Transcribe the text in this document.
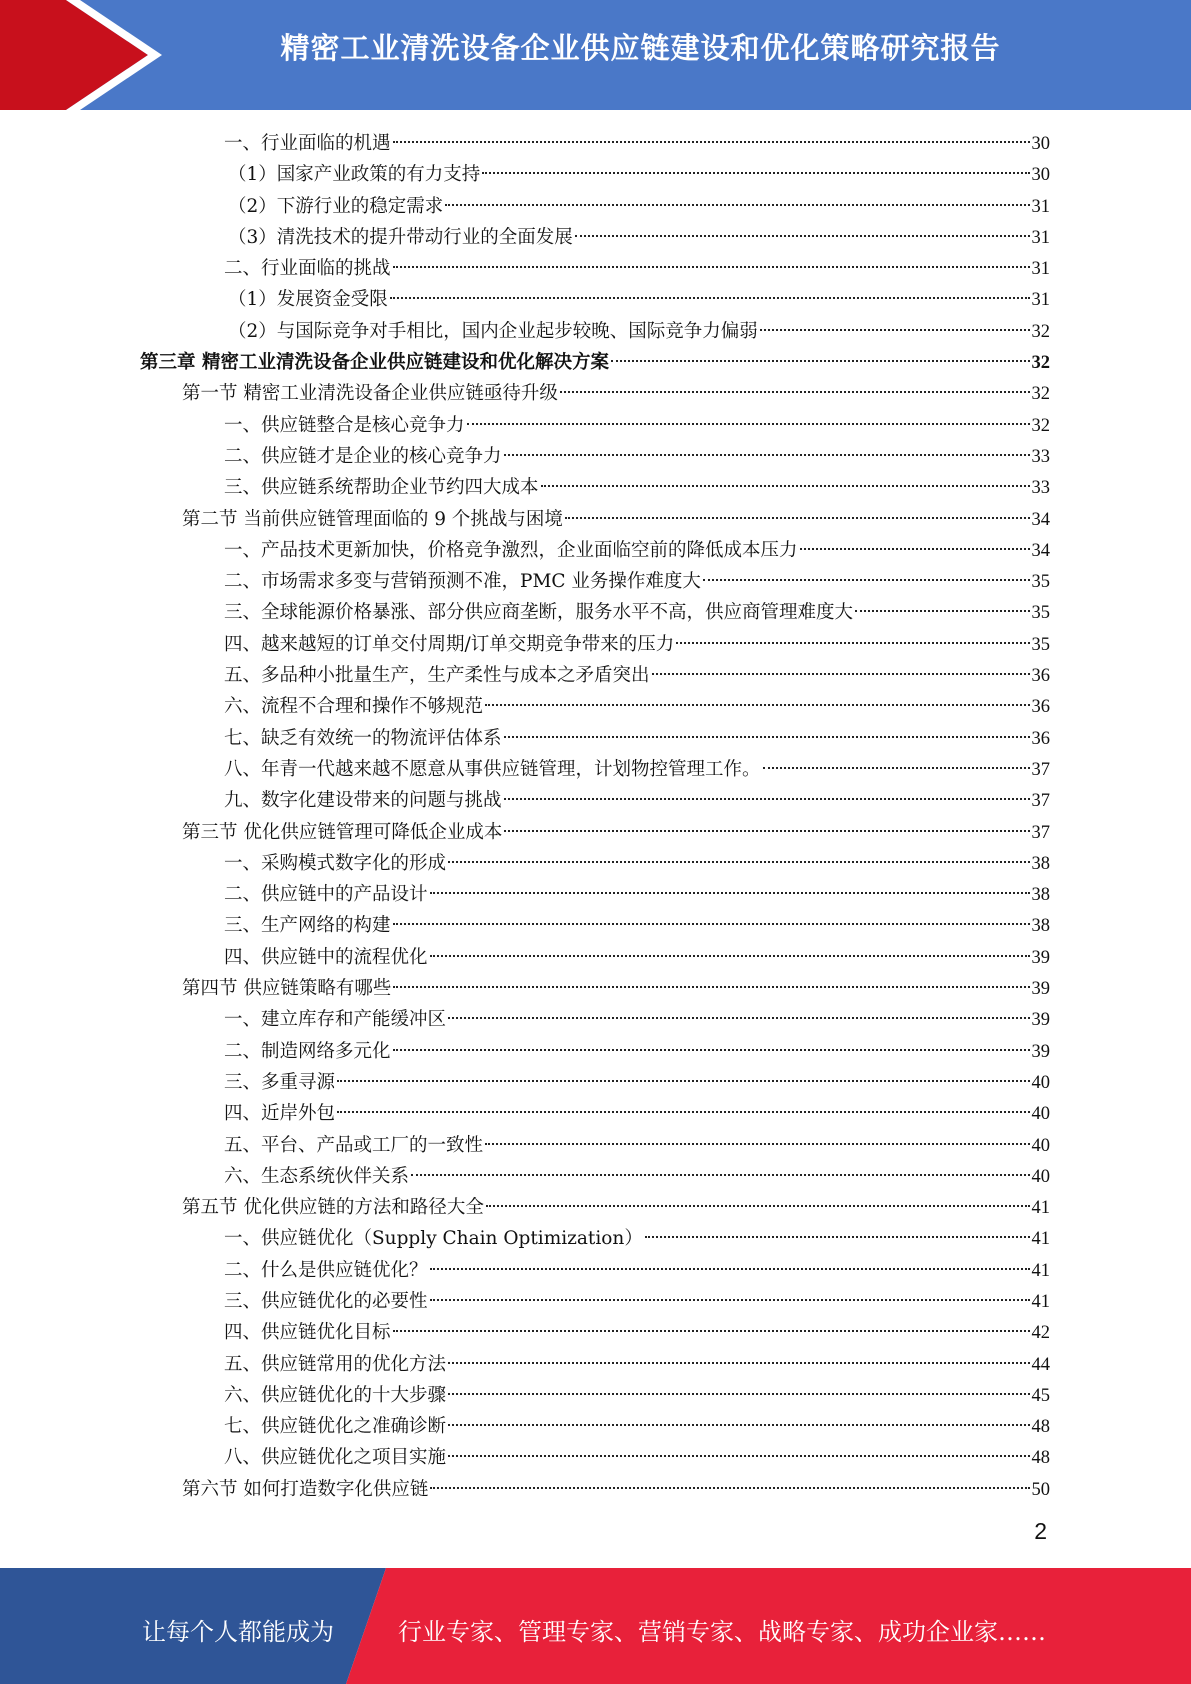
精密工业清洗设备企业供应链建设和优化策略研究报告
一、行业面临的机遇	30
（1）国家产业政策的有力支持	30
（2）下游行业的稳定需求	31
（3）清洗技术的提升带动行业的全面发展	31
二、行业面临的挑战	31
（1）发展资金受限	31
（2）与国际竞争对手相比，国内企业起步较晚、国际竞争力偏弱	32
第三章 精密工业清洗设备企业供应链建设和优化解决方案	32
第一节 精密工业清洗设备企业供应链亟待升级	32
一、供应链整合是核心竞争力	32
二、供应链才是企业的核心竞争力	33
三、供应链系统帮助企业节约四大成本	33
第二节 当前供应链管理面临的 9 个挑战与困境	34
一、产品技术更新加快，价格竞争激烈，企业面临空前的降低成本压力	34
二、市场需求多变与营销预测不准，PMC 业务操作难度大	35
三、全球能源价格暴涨、部分供应商垄断，服务水平不高，供应商管理难度大	35
四、越来越短的订单交付周期/订单交期竞争带来的压力	35
五、多品种小批量生产，生产柔性与成本之矛盾突出	36
六、流程不合理和操作不够规范	36
七、缺乏有效统一的物流评估体系	36
八、年青一代越来越不愿意从事供应链管理，计划物控管理工作。	37
九、数字化建设带来的问题与挑战	37
第三节 优化供应链管理可降低企业成本	37
一、采购模式数字化的形成	38
二、供应链中的产品设计	38
三、生产网络的构建	38
四、供应链中的流程优化	39
第四节 供应链策略有哪些	39
一、建立库存和产能缓冲区	39
二、制造网络多元化	39
三、多重寻源	40
四、近岸外包	40
五、平台、产品或工厂的一致性	40
六、生态系统伙伴关系	40
第五节 优化供应链的方法和路径大全	41
一、供应链优化（Supply Chain Optimization）	41
二、什么是供应链优化？	41
三、供应链优化的必要性	41
四、供应链优化目标	42
五、供应链常用的优化方法	44
六、供应链优化的十大步骤	45
七、供应链优化之准确诊断	48
八、供应链优化之项目实施	48
第六节 如何打造数字化供应链	50
2
让每个人都能成为	行业专家、管理专家、营销专家、战略专家、成功企业家……
